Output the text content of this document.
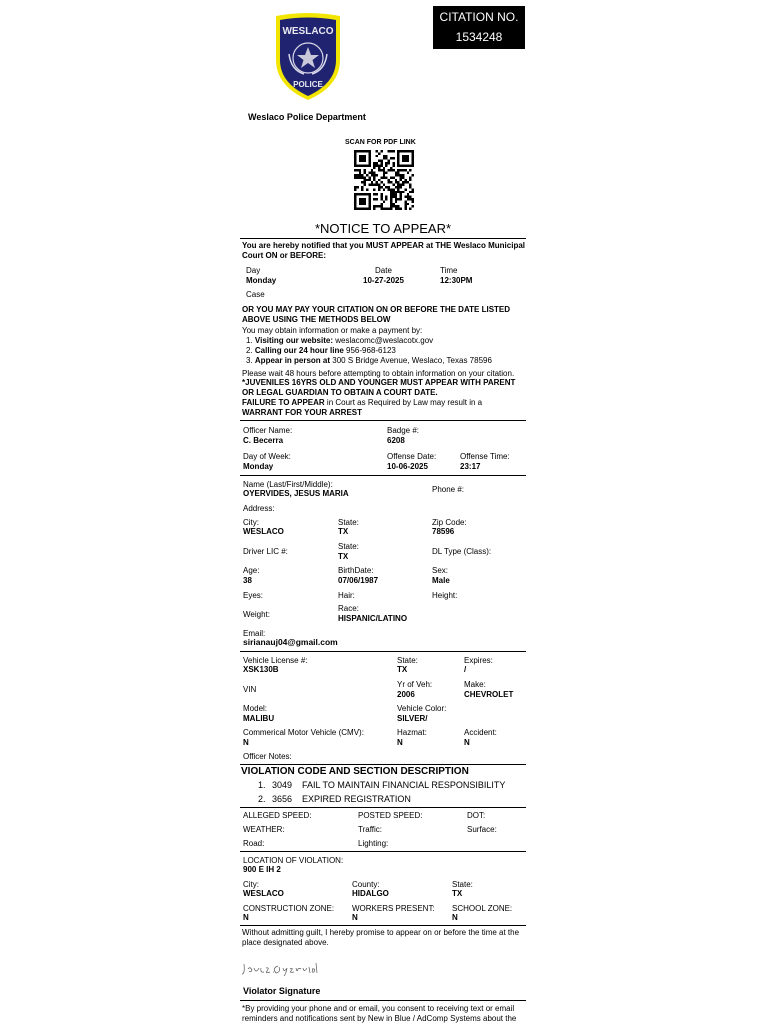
WESLACO
POLICE
CITATION NO.
1534248
Weslaco Police Department
SCAN FOR PDF LINK
*NOTICE TO APPEAR*
You are hereby notified that you MUST APPEAR at THE Weslaco Municipal Court ON or BEFORE:
Day
Monday
Date
10-27-2025
Time
12:30PM
Case
OR YOU MAY PAY YOUR CITATION ON OR BEFORE THE DATE LISTED ABOVE USING THE METHODS BELOW
You may obtain information or make a payment by:
1. Visiting our website: weslacomc@weslacotx.gov
2. Calling our 24 hour line 956-968-6123
3. Appear in person at 300 S Bridge Avenue, Weslaco, Texas 78596
Please wait 48 hours before attempting to obtain information on your citation.
*JUVENILES 16YRS OLD AND YOUNGER MUST APPEAR WITH PARENT OR LEGAL GUARDIAN TO OBTAIN A COURT DATE.
FAILURE TO APPEAR in Court as Required by Law may result in a
WARRANT FOR YOUR ARREST
Officer Name:
C. Becerra
Badge #:
6208
Day of Week:
Monday
Offense Date:
10-06-2025
Offense Time:
23:17
Name (Last/First/Middle):
OYERVIDES, JESUS MARIA	Phone #:
Address:
City:
WESLACO
State:
TX
Zip Code:
78596
Driver LIC #:
State:
TX
DL Type (Class):
Age:
38
BirthDate:
07/06/1987
Sex:
Male
Eyes:	Hair:	Height:
Weight:
Race:
HISPANIC/LATINO
Email:
sirianauj04@gmail.com
Vehicle License #:
XSK130B
State:
TX
Expires:
/
VIN
Yr of Veh:
2006
Make:
CHEVROLET
Model:
MALIBU
Vehicle Color:
SILVER/
Commerical Motor Vehicle (CMV):
N
Hazmat:
N
Accident:
N
Officer Notes:
VIOLATION CODE AND SECTION DESCRIPTION
1. 3049 FAIL TO MAINTAIN FINANCIAL RESPONSIBILITY
2. 3656 EXPIRED REGISTRATION
ALLEGED SPEED:	POSTED SPEED:	DOT:
WEATHER:	Traffic:	Surface:
Road:	Lighting:
LOCATION OF VIOLATION:
900 E IH 2
City:
WESLACO
County:
HIDALGO
State:
TX
CONSTRUCTION ZONE:
N
WORKERS PRESENT:
N
SCHOOL ZONE:
N
Without admitting guilt, I hereby promise to appear on or before the time at the place designated above.
Violator Signature
*By providing your phone and or email, you consent to receiving text or email reminders and notifications sent by New in Blue / AdComp Systems about the
